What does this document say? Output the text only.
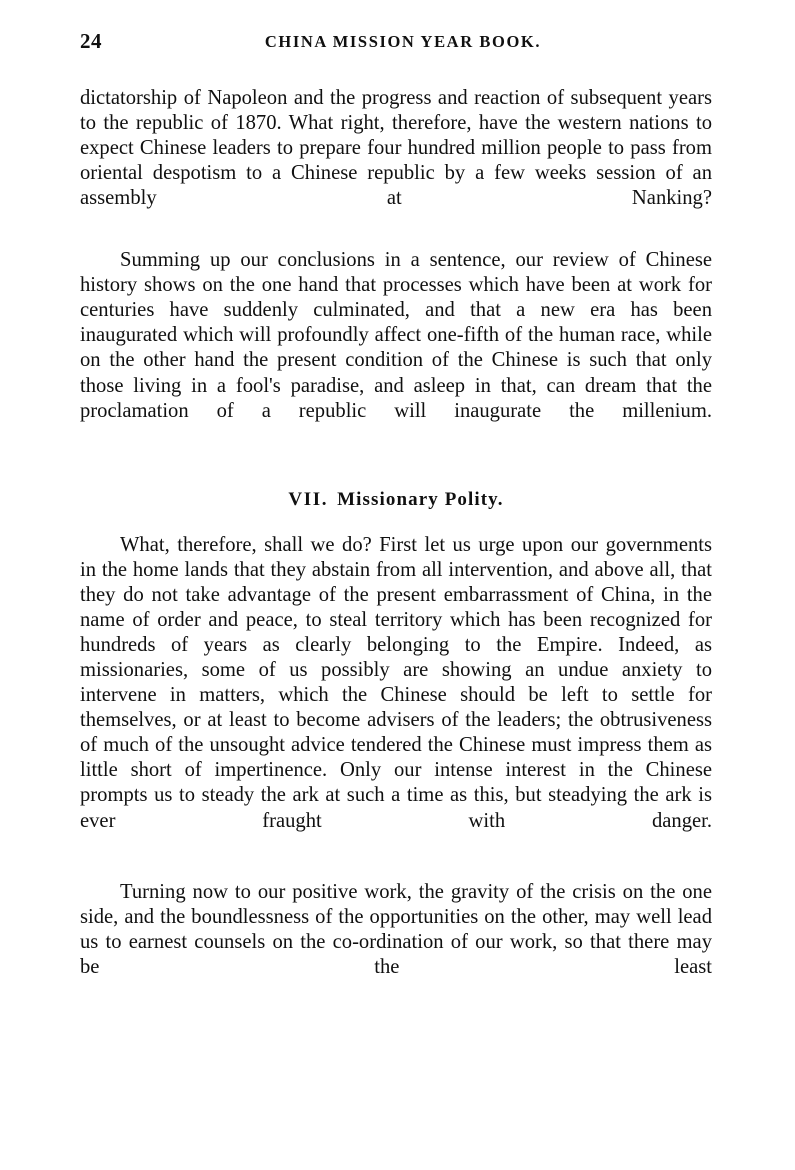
24	CHINA MISSION YEAR BOOK.

dictatorship of Napoleon and the progress and reaction of subsequent years to the republic of 1870. What right, therefore, have the western nations to expect Chinese leaders to prepare four hundred million people to pass from oriental despotism to a Chinese republic by a few weeks session of an assembly at Nanking?

Summing up our conclusions in a sentence, our review of Chinese history shows on the one hand that processes which have been at work for centuries have suddenly culminated, and that a new era has been inaugurated which will profoundly affect one-fifth of the human race, while on the other hand the present condition of the Chinese is such that only those living in a fool's paradise, and asleep in that, can dream that the proclamation of a republic will inaugurate the millenium.

VII. Missionary Polity.

What, therefore, shall we do? First let us urge upon our governments in the home lands that they abstain from all intervention, and above all, that they do not take advantage of the present embarrassment of China, in the name of order and peace, to steal territory which has been recognized for hundreds of years as clearly belonging to the Empire. Indeed, as missionaries, some of us possibly are showing an undue anxiety to intervene in matters, which the Chinese should be left to settle for themselves, or at least to become advisers of the leaders; the obtrusiveness of much of the unsought advice tendered the Chinese must impress them as little short of impertinence. Only our intense interest in the Chinese prompts us to steady the ark at such a time as this, but steadying the ark is ever fraught with danger.

Turning now to our positive work, the gravity of the crisis on the one side, and the boundlessness of the opportunities on the other, may well lead us to earnest counsels on the co-ordination of our work, so that there may be the least
